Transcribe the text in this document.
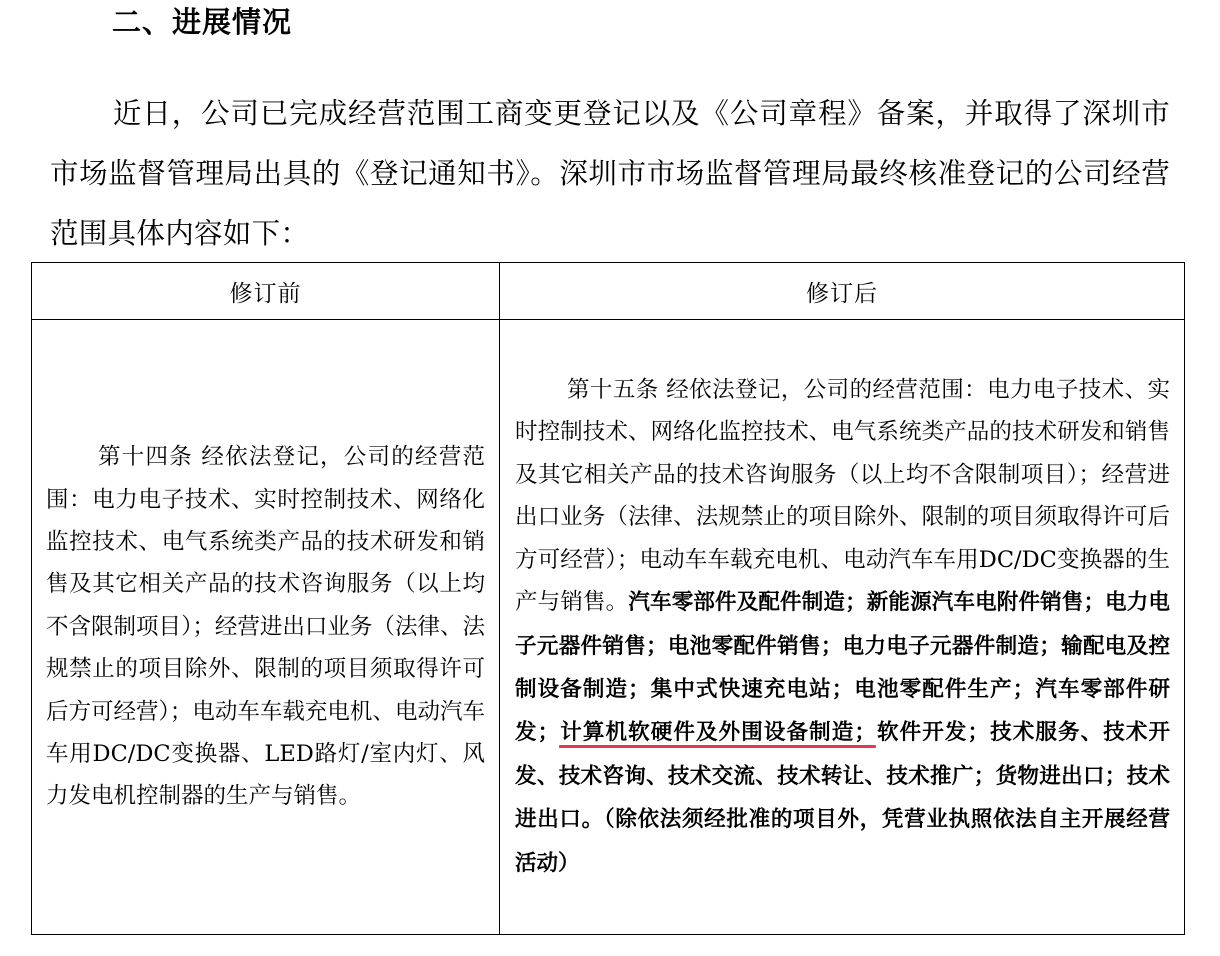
二、进展情况
近日，公司已完成经营范围工商变更登记以及《公司章程》备案，并取得了深圳市市场监督管理局出具的《登记通知书》。深圳市市场监督管理局最终核准登记的公司经营范围具体内容如下：
修订前	修订后

第十四条 经依法登记，公司的经营范围：电力电子技术、实时控制技术、网络化监控技术、电气系统类产品的技术研发和销售及其它相关产品的技术咨询服务（以上均不含限制项目）；经营进出口业务（法律、法规禁止的项目除外、限制的项目须取得许可后方可经营）；电动车车载充电机、电动汽车车用DC/DC变换器、LED路灯/室内灯、风力发电机控制器的生产与销售。	第十五条 经依法登记，公司的经营范围：电力电子技术、实时控制技术、网络化监控技术、电气系统类产品的技术研发和销售及其它相关产品的技术咨询服务（以上均不含限制项目）；经营进出口业务（法律、法规禁止的项目除外、限制的项目须取得许可后方可经营）；电动车车载充电机、电动汽车车用DC/DC变换器的生产与销售。汽车零部件及配件制造；新能源汽车电附件销售；电力电子元器件销售；电池零配件销售；电力电子元器件制造；输配电及控制设备制造；集中式快速充电站；电池零配件生产；汽车零部件研发；计算机软硬件及外围设备制造；软件开发；技术服务、技术开发、技术咨询、技术交流、技术转让、技术推广；货物进出口；技术进出口。（除依法须经批准的项目外，凭营业执照依法自主开展经营活动）
